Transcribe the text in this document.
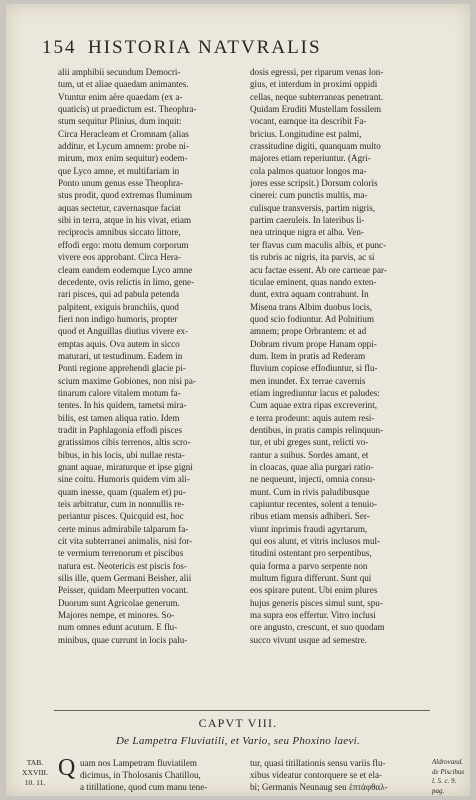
154 HISTORIA NATVRALIS
alii amphibii secundum Democri-
tum, ut et aliae quaedam animantes.
Vtuntur enim aëre quaedam (ex a-
quaticis) ut praedictum est. Theophra-
stum sequitur Plinius, dum inquit:
Circa Heracleam et Cromnam (alias
additur, et Lycum amnem: probe ni-
mirum, mox enim sequitur) eodem-
que Lyco amne, et multifariam in
Ponto unum genus esse Theophra-
stus prodit, quod extremas fluminum
aquas sectetur, cavernasque faciat
sibi in terra, atque in his vivat, etiam
reciprocis amnibus siccato littore,
effodi ergo: motu demum corporum
vivere eos approbant. Circa Hera-
cleam eandem eodemque Lyco amne
decedente, ovis relictis in limo, gene-
rari pisces, qui ad pabula petenda
palpitent, exiguis branchiis, quod
fieri non indigo humoris, propter
quod et Anguillas diutius vivere ex-
emptas aquis. Ova autem in sicco
maturari, ut testudinum. Eadem in
Ponti regione apprehendi glacie pi-
scium maxime Gobiones, non nisi pa-
tinarum calore vitalem motum fa-
tentes. In his quidem, tametsi mira-
bilis, est tamen aliqua ratio. Idem
tradit in Paphlagonia effodi pisces
gratissimos cibis terrenos, altis scro-
bibus, in his locis, ubi nullae resta-
gnant aquae, miraturque et ipse gigni
sine coitu. Humoris quidem vim ali-
quam inesse, quam (qualem et) pu-
teis arbitratur, cum in nonnullis re-
periantur pisces. Quicquid est, hoc
certe minus admirabile talparum fa-
cit vita subterranei animalis, nisi for-
te vermium terrenorum et piscibus
natura est. Neotericis est piscis fos-
silis ille, quem Germani Beisher, alii
Peisser, quidam Meerputten vocant.
Duorum sunt Agricolae generum.
Majores nempe, et minores. So-
num omnes edunt acutum. E flu-
minibus, quae currunt in locis palu-
dosis egressi, per riparum venas lon-
gius, et interdum in proximi oppidi
cellas, neque subterraneas penetrant.
Quidam Eruditi Mustellam fossilem
vocant, eamque ita describit Fa-
bricius. Longitudine est palmi,
crassitudine digiti, quanquam multo
majores etiam reperiuntur. (Agri-
cola palmos quatuor longos ma-
jores esse scripsit.) Dorsum coloris
cinerei: cum punctis multis, ma-
culisque transversis, partim nigris,
partim caeruleis. In lateribus li-
nea utrinque nigra et alba. Ven-
ter flavus cum maculis albis, et punc-
tis rubris ac nigris, ita parvis, ac si
acu factae essent. Ab ore carneae par-
ticulae eminent, quas nando exten-
dunt, extra aquam contrahunt. In
Misena trans Albim duobus locis,
quod scio fodiuntur. Ad Polnitium
amnem; prope Orbrantem: et ad
Dobram rivum prope Hanam oppi-
dum. Item in pratis ad Rederam
fluvium copiose effodiuntur, si flu-
men inundet. Ex terrae cavernis
etiam ingrediuntur lacus et paludes:
Cum aquae extra ripas excreverint,
e terra prodeunt: aquis autem resi-
dentibus, in pratis campis relinquun-
tur, et ubi greges sunt, relicti vo-
rantur a suibus. Sordes amant, et
in cloacas, quae alia purgari ratio-
ne nequeunt, injecti, omnia consu-
munt. Cum in rivis paludibusque
capiuntur recentes, solent a tenuio-
ribus etiam mensis adhiberi. Ser-
viunt inprimis fraudi agyrtarum,
qui eos alunt, et vitris inclusos mul-
titudini ostentant pro serpentibus,
quia forma a parvo serpente non
multum figura differunt. Sunt qui
eos spirare putent. Ubi enim plures
hujus generis pisces simul sunt, spu-
ma supra eos effertur. Vitro inclusi
ore angusto, crescunt, et suo quodam
succo vivunt usque ad semestre.
CAPVT VIII.
De Lampetra Fluviatili, et Vario, seu Phoxino laevi.
TAB.
XXVIII.
10. 11.
Q uam nos Lampetram fluviatilem
dicimus, in Tholosanis Chatillou,
a titillatione, quod cum manu tene-
tur, quasi titillationis sensu variis flu-
xibus videatur contorquere se et ela-
bi; Germanis Neunaug seu ἑπτάφθαλ-
Aldrovand.
de Piscibus
l. 5. c. 9.
pag.
